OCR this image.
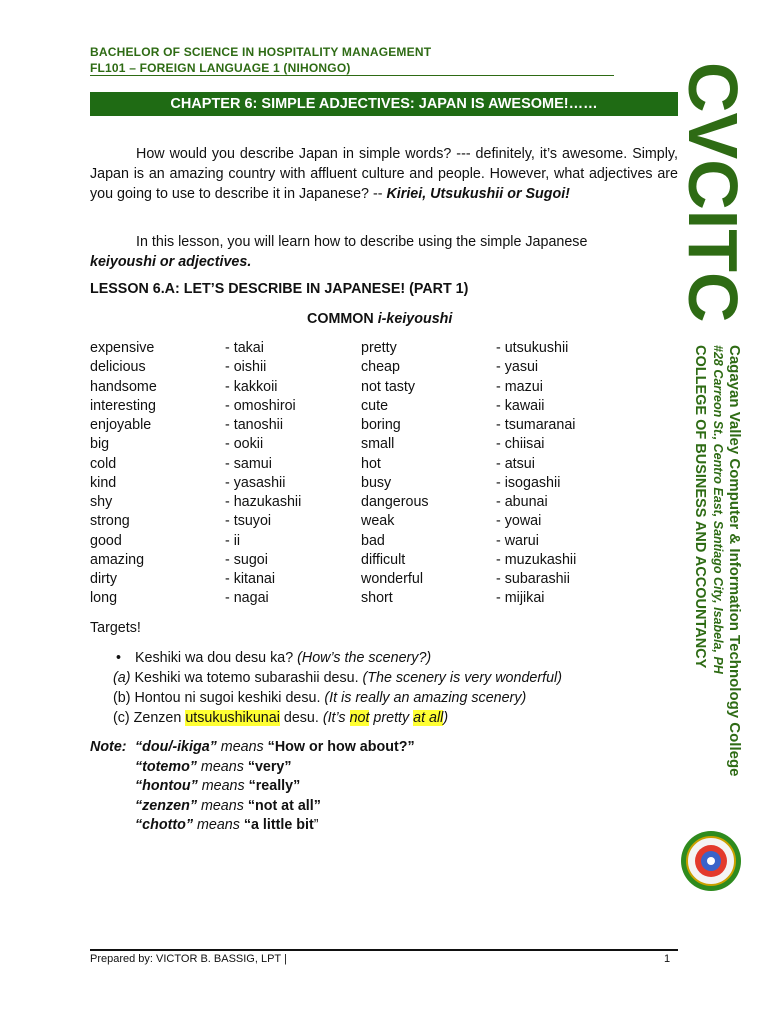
BACHELOR OF SCIENCE IN HOSPITALITY MANAGEMENT
FL101 – FOREIGN LANGUAGE 1 (NIHONGO)
CHAPTER 6: SIMPLE ADJECTIVES: JAPAN IS AWESOME!……
How would you describe Japan in simple words? --- definitely, it’s awesome. Simply, Japan is an amazing country with affluent culture and people. However, what adjectives are you going to use to describe it in Japanese? -- Kiriei, Utsukushii or Sugoi!
In this lesson, you will learn how to describe using the simple Japanese
keiyoushi or adjectives.
LESSON 6.A: LET’S DESCRIBE IN JAPANESE! (PART 1)
COMMON i-keiyoushi
expensive
delicious
handsome
interesting
enjoyable
big
cold
kind
shy
strong
good
amazing
dirty
long
- takai
- oishii
- kakkoii
- omoshiroi
- tanoshii
- ookii
- samui
- yasashii
- hazukashii
- tsuyoi
- ii
- sugoi
- kitanai
- nagai
pretty
cheap
not tasty
cute
boring
small
hot
busy
dangerous
weak
bad
difficult
wonderful
short
- utsukushii
- yasui
- mazui
- kawaii
- tsumaranai
- chiisai
- atsui
- isogashii
- abunai
- yowai
- warui
- muzukashii
- subarashii
- mijikai
Targets!
• Keshiki wa dou desu ka? (How’s the scenery?)
(a) Keshiki wa totemo subarashii desu. (The scenery is very wonderful)
(b) Hontou ni sugoi keshiki desu. (It is really an amazing scenery)
(c) Zenzen utsukushikunai desu. (It’s not pretty at all)
Note: “dou/-ikiga” means “How or how about?”
“totemo” means “very”
“hontou” means “really”
“zenzen” means “not at all”
“chotto” means “a little bit”
Prepared by: VICTOR B. BASSIG, LPT |	1
CVCITC
Cagayan Valley Computer & Information Technology College
#28 Carreon St., Centro East, Santiago City, Isabela, PH
COLLEGE OF BUSINESS AND ACCOUNTANCY
